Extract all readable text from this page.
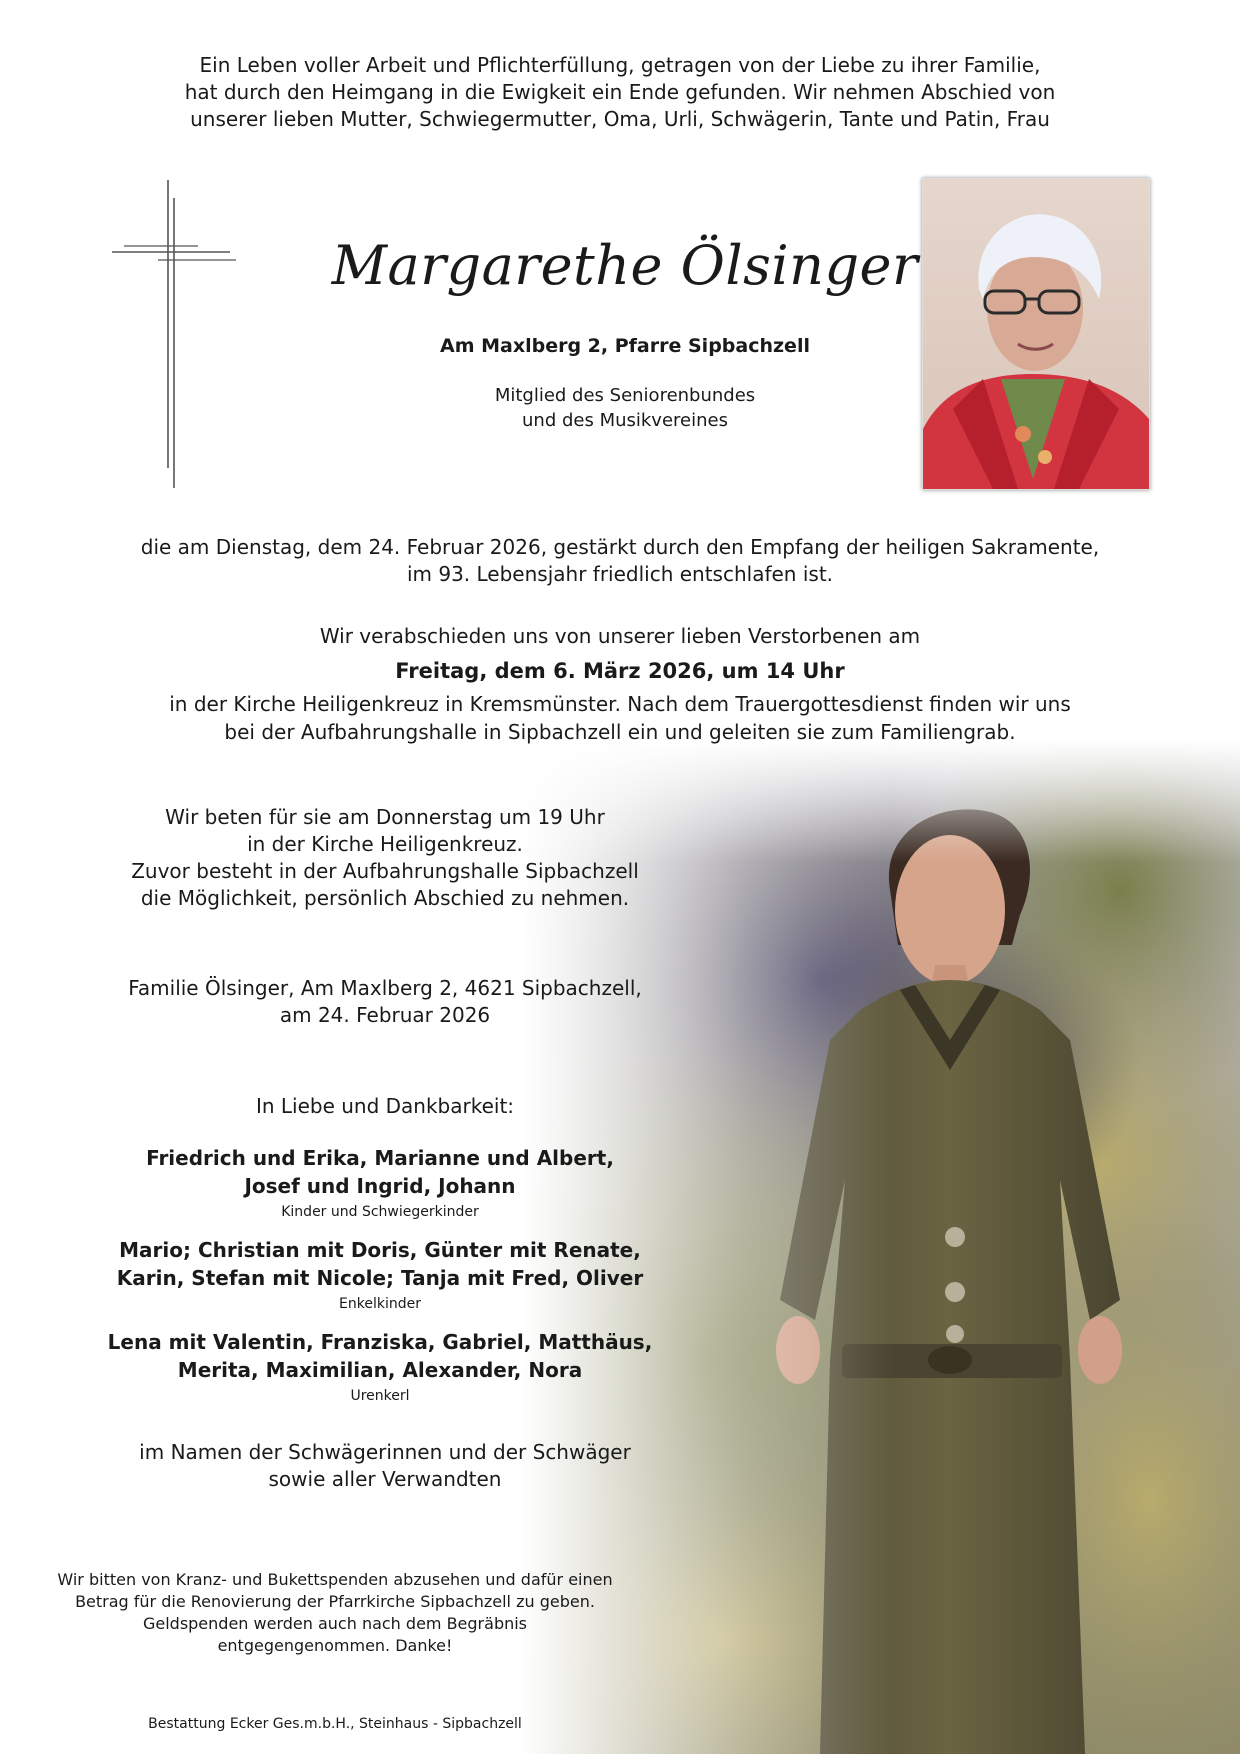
Ein Leben voller Arbeit und Pflichterfüllung, getragen von der Liebe zu ihrer Familie,
hat durch den Heimgang in die Ewigkeit ein Ende gefunden. Wir nehmen Abschied von
unserer lieben Mutter, Schwiegermutter, Oma, Urli, Schwägerin, Tante und Patin, Frau
Margarethe Ölsinger
Am Maxlberg 2, Pfarre Sipbachzell
Mitglied des Seniorenbundes
und des Musikvereines
die am Dienstag, dem 24. Februar 2026, gestärkt durch den Empfang der heiligen Sakramente,
im 93. Lebensjahr friedlich entschlafen ist.
Wir verabschieden uns von unserer lieben Verstorbenen am
Freitag, dem 6. März 2026, um 14 Uhr
in der Kirche Heiligenkreuz in Kremsmünster. Nach dem Trauergottesdienst finden wir uns
bei der Aufbahrungshalle in Sipbachzell ein und geleiten sie zum Familiengrab.
Wir beten für sie am Donnerstag um 19 Uhr
in der Kirche Heiligenkreuz.
Zuvor besteht in der Aufbahrungshalle Sipbachzell
die Möglichkeit, persönlich Abschied zu nehmen.
Familie Ölsinger, Am Maxlberg 2, 4621 Sipbachzell,
am 24. Februar 2026
In Liebe und Dankbarkeit:
Friedrich und Erika, Marianne und Albert,
Josef und Ingrid, Johann
Kinder und Schwiegerkinder
Mario; Christian mit Doris, Günter mit Renate,
Karin, Stefan mit Nicole; Tanja mit Fred, Oliver
Enkelkinder
Lena mit Valentin, Franziska, Gabriel, Matthäus,
Merita, Maximilian, Alexander, Nora
Urenkerl
im Namen der Schwägerinnen und der Schwäger
sowie aller Verwandten
Wir bitten von Kranz- und Bukettspenden abzusehen und dafür einen
Betrag für die Renovierung der Pfarrkirche Sipbachzell zu geben.
Geldspenden werden auch nach dem Begräbnis
entgegengenommen. Danke!
Bestattung Ecker Ges.m.b.H., Steinhaus - Sipbachzell
